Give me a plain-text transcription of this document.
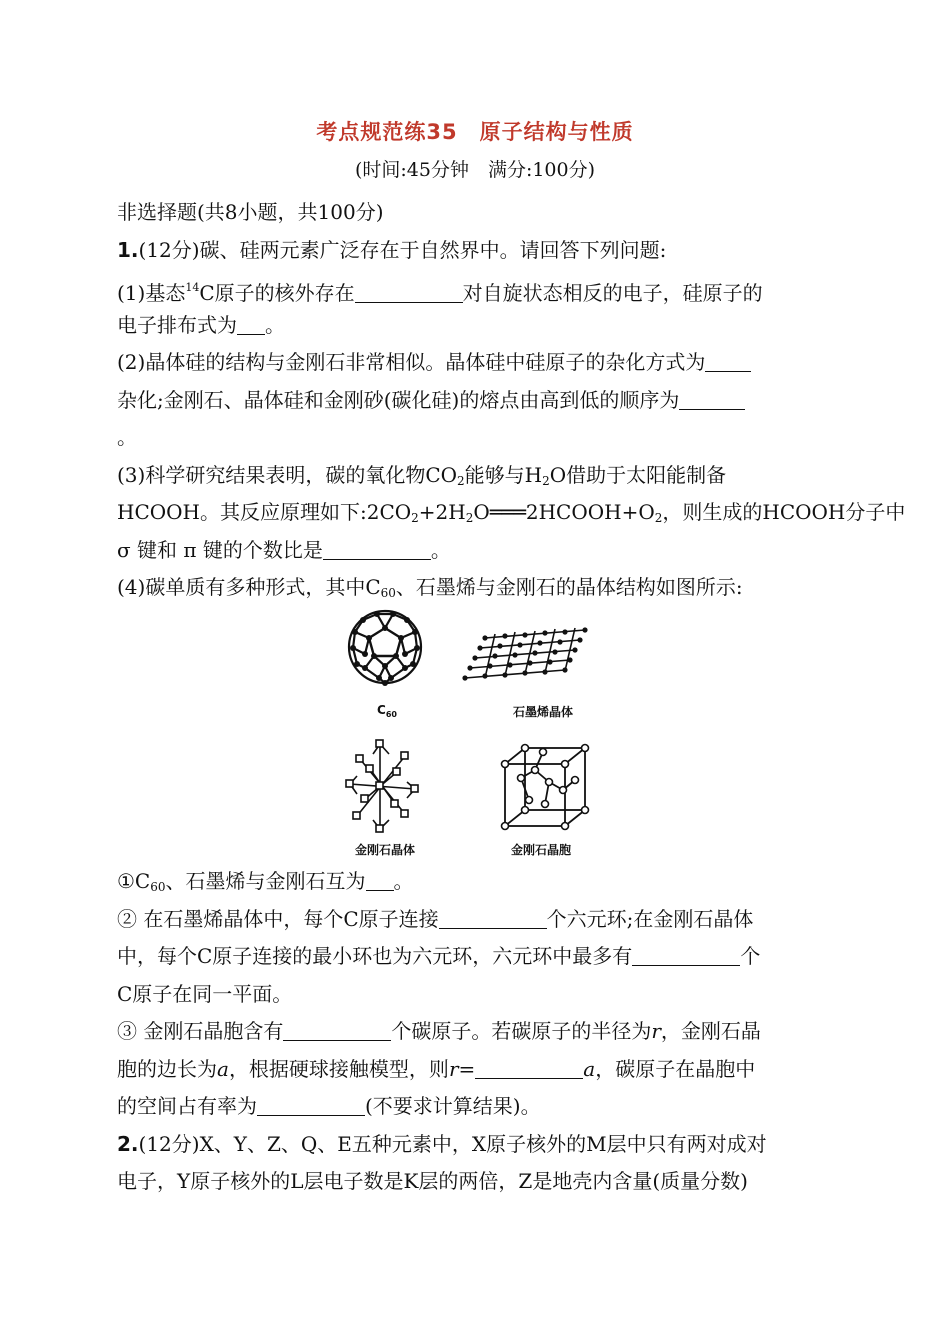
考点规范练35　原子结构与性质
(时间:45分钟　满分:100分)
非选择题(共8小题，共100分)
1.(12分)碳、硅两元素广泛存在于自然界中。请回答下列问题:
(1)基态$^{14}$C原子的核外存在	对自旋状态相反的电子，硅原子的
电子排布式为 。
(2)晶体硅的结构与金刚石非常相似。晶体硅中硅原子的杂化方式为
杂化;金刚石、晶体硅和金刚砂(碳化硅)的熔点由高到低的顺序为
。
(3)科学研究结果表明，碳的氧化物$CO_2$能够与$H_2O$借助于太阳能制备
HCOOH。其反应原理如下$:2CO_2+2H_2O═══2HCOOH+O_2$，则生成的HCOOH分子中
σ 键和 π 键的个数比是	。
(4)碳单质有多种形式，其中$C_{60}$、石墨烯与金刚石的晶体结构如图所示:
$C_{60}$	石墨烯晶体
金刚石晶体	金刚石晶胞
$①C_{60}$、石墨烯与金刚石互为 。
② 在石墨烯晶体中，每个C原子连接	个六元环;在金刚石晶体
中，每个C原子连接的最小环也为六元环，六元环中最多有	个
C原子在同一平面。
③ 金刚石晶胞含有	个碳原子。若碳原子的半径为r，金刚石晶
胞的边长为a，根据硬球接触模型，则r=	a，碳原子在晶胞中
的空间占有率为	(不要求计算结果)。
2.(12分)X、Y、Z、Q、E五种元素中，X原子核外的M层中只有两对成对
电子，Y原子核外的L层电子数是K层的两倍，Z是地壳内含量(质量分数)
